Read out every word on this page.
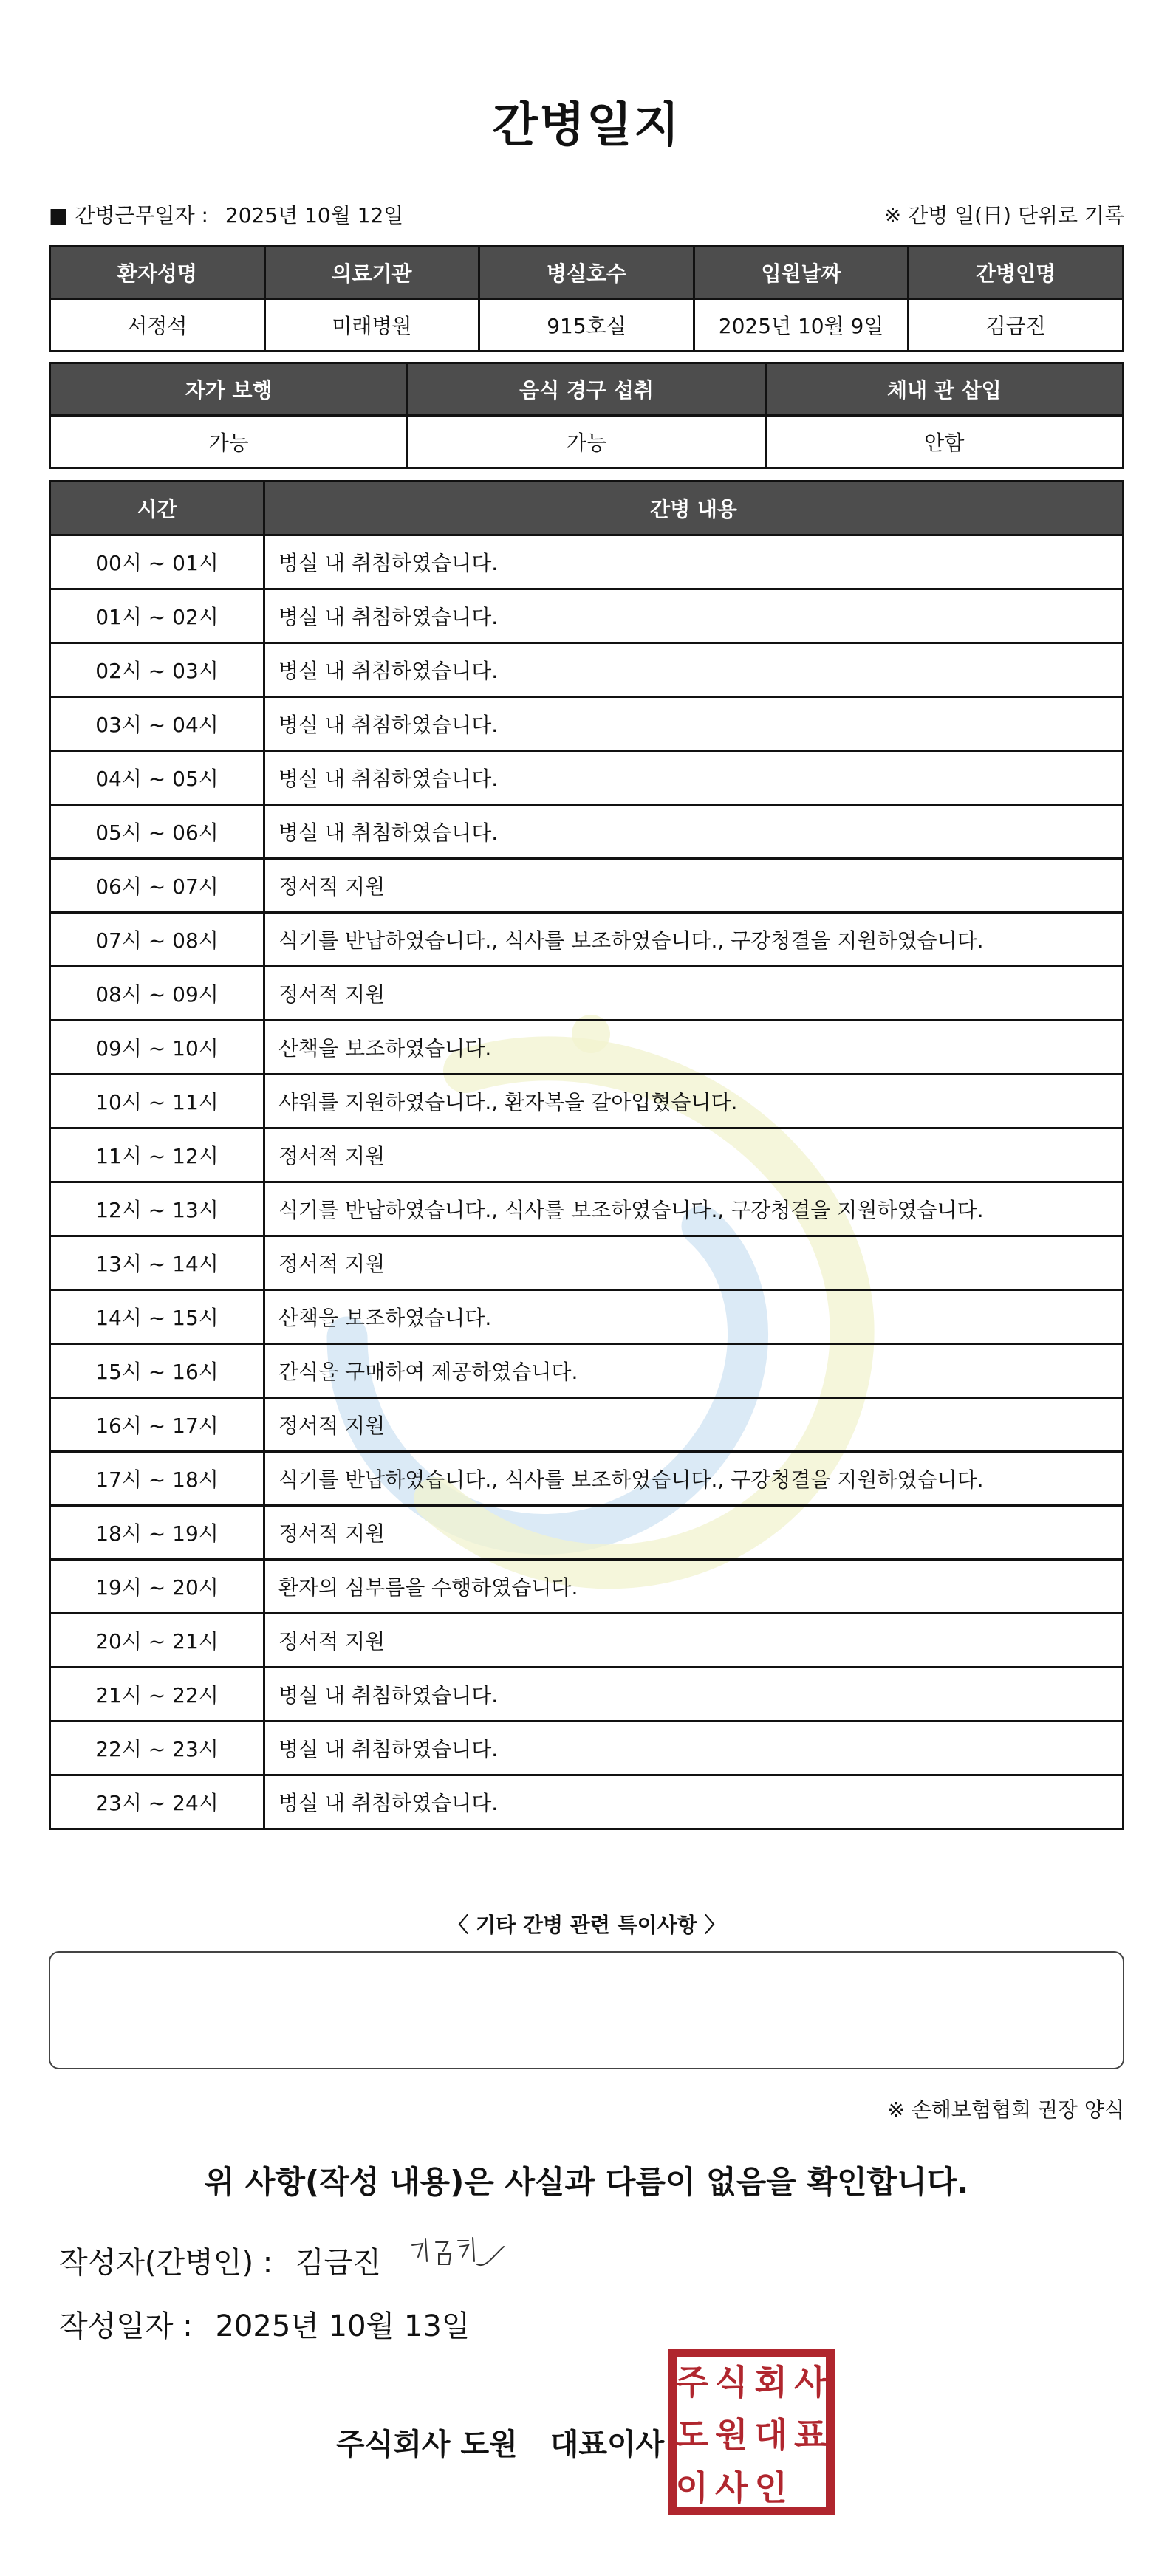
간병일지
■ 간병근무일자 : 2025년 10월 12일	※ 간병 일(日) 단위로 기록
환자성명	의료기관	병실호수	입원날짜	간병인명
서정석	미래병원	915호실	2025년 10월 9일	김금진
자가 보행	음식 경구 섭취	체내 관 삽입
가능	가능	안함
시간	간병 내용
00시 ~ 01시	병실 내 취침하였습니다.
01시 ~ 02시	병실 내 취침하였습니다.
02시 ~ 03시	병실 내 취침하였습니다.
03시 ~ 04시	병실 내 취침하였습니다.
04시 ~ 05시	병실 내 취침하였습니다.
05시 ~ 06시	병실 내 취침하였습니다.
06시 ~ 07시	정서적 지원
07시 ~ 08시	식기를 반납하였습니다., 식사를 보조하였습니다., 구강청결을 지원하였습니다.
08시 ~ 09시	정서적 지원
09시 ~ 10시	산책을 보조하였습니다.
10시 ~ 11시	샤워를 지원하였습니다., 환자복을 갈아입혔습니다.
11시 ~ 12시	정서적 지원
12시 ~ 13시	식기를 반납하였습니다., 식사를 보조하였습니다., 구강청결을 지원하였습니다.
13시 ~ 14시	정서적 지원
14시 ~ 15시	산책을 보조하였습니다.
15시 ~ 16시	간식을 구매하여 제공하였습니다.
16시 ~ 17시	정서적 지원
17시 ~ 18시	식기를 반납하였습니다., 식사를 보조하였습니다., 구강청결을 지원하였습니다.
18시 ~ 19시	정서적 지원
19시 ~ 20시	환자의 심부름을 수행하였습니다.
20시 ~ 21시	정서적 지원
21시 ~ 22시	병실 내 취침하였습니다.
22시 ~ 23시	병실 내 취침하였습니다.
23시 ~ 24시	병실 내 취침하였습니다.
〈 기타 간병 관련 특이사항 〉
※ 손해보험협회 권장 양식
위 사항(작성 내용)은 사실과 다름이 없음을 확인합니다.
작성자(간병인) : 김금진
작성일자 : 2025년 10월 13일
주식회사 도원 대표이사
주 식 회 사
도 원 대 표
이 사 인
